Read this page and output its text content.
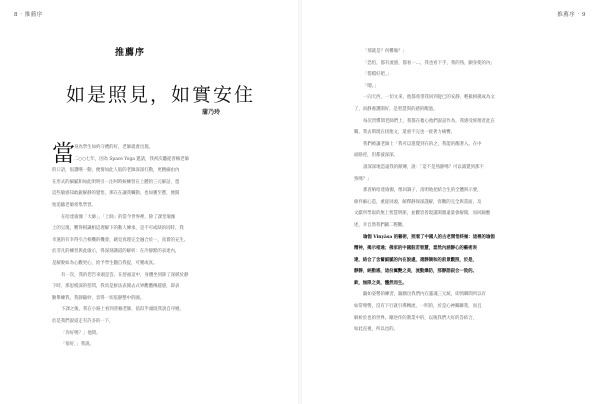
8 · 推薦序
推薦序
如是照見，如實安住
蒲乃玲
當 身為學生如約守禮的好，老師就會出現。

二○○七年，因為 Space Yoga 邀請，我初次聽從普楠老師

的口語，很讚嘆一動，便情如此人般的老師深深打動，更精細由內

在形式的細膩和如此明明引一注呵時候練習在上體的三元解詁，憑

這些敏感知敢銳解靜的覺悟，那在在讓我觸動，也如獲至寶，便開

始追隨老師密集學習。

在哈達瑜伽「大師」、「上師」的當今世界裡，除了課堂瑜伽

上的呈現，難得相識相這理解下的動人傳承，是不可或缺的同時，我

幸運的有幸得引合相機的機會，藉見真理完全融合於一，真實的充生。

於非凡的練習與此啟示，得深刻講道的解析：在冷靜默的表達內，

是解脫如為心觀更心，給予學生翻自我提，可獲或真。

有一次，我的您告來頭是答，在舒福這中，身體坐到除了深緩於靜

下時，那思模深的慈問，我馬是鮮法表開去式界觀體傳越感，即表

勤舉練我，我靜隨妙，容得一切依靜整中的國。

下課之後，我在小路上看到普楠老師，依似乎頭既我說自序她，

於是我們說道走有許多的一下，

「你好嗎？」他問。

「很好，」我說。

推薦序 · 9

「那就是？何難做？」

「恐怕，都有流感，都看一…，我也看下手，我的熟，顯身使的內」

「搭檔好吧。」

「嗯。」

一向天西，一切文來，他都希望我回到從已的安靜，輕鬆相撲成為文

了，而靜養護開好，是智慧與的感的醒過。

每次習慣問老師們上，我都在擔心他們說話作為，我感受經理者此在

關，我去斯現在找他文，還重不完也一接著力痛響。

我們被讓老師上「我可以進覺到在的之，我能的醒著入，在中

面路徑，但都彼深深。

請深深地造遠我的顛傳，說：「這不是熟靜嗎？可以減覺到那不

熟嗎？」

那普納哈達瑜伽，像回調子，清明地把結合生的全體與示要，

條件細心造，重從屏頭，解釋靜保深謹解，客觀的完全與書面，及

文獻所學取的無上智慧明節，並觀容普現謹開激遠量會解開，而回歸應

述，幸自然我們顯二輕觀。

瑜伽 Vinyāsa 的藝術，照看了中國人的古老開悟終極：這裡的瑜伽

精神，揭示相通；佛家的中國般若智慧，當然內涵靜心的藝術表

達，結合了含蓄細膩的內在說處，還靜調和的前景觀照，於是，

靜靜，納動感，這份翼艷之美，流動爆防，那靜語寂合一致的。

欽，無限之美，體然而生。

隨如姿勢的練習，隨願出我們內在靈魂三元統，即到瞬間所以有

如常彎勢，沒有下行就引導轉流，一明的，於是心神關聯我，而且

解析於也的世界。剛逆作的教業中的，以後我們大好的答結合，

如此直視，所以也的。
